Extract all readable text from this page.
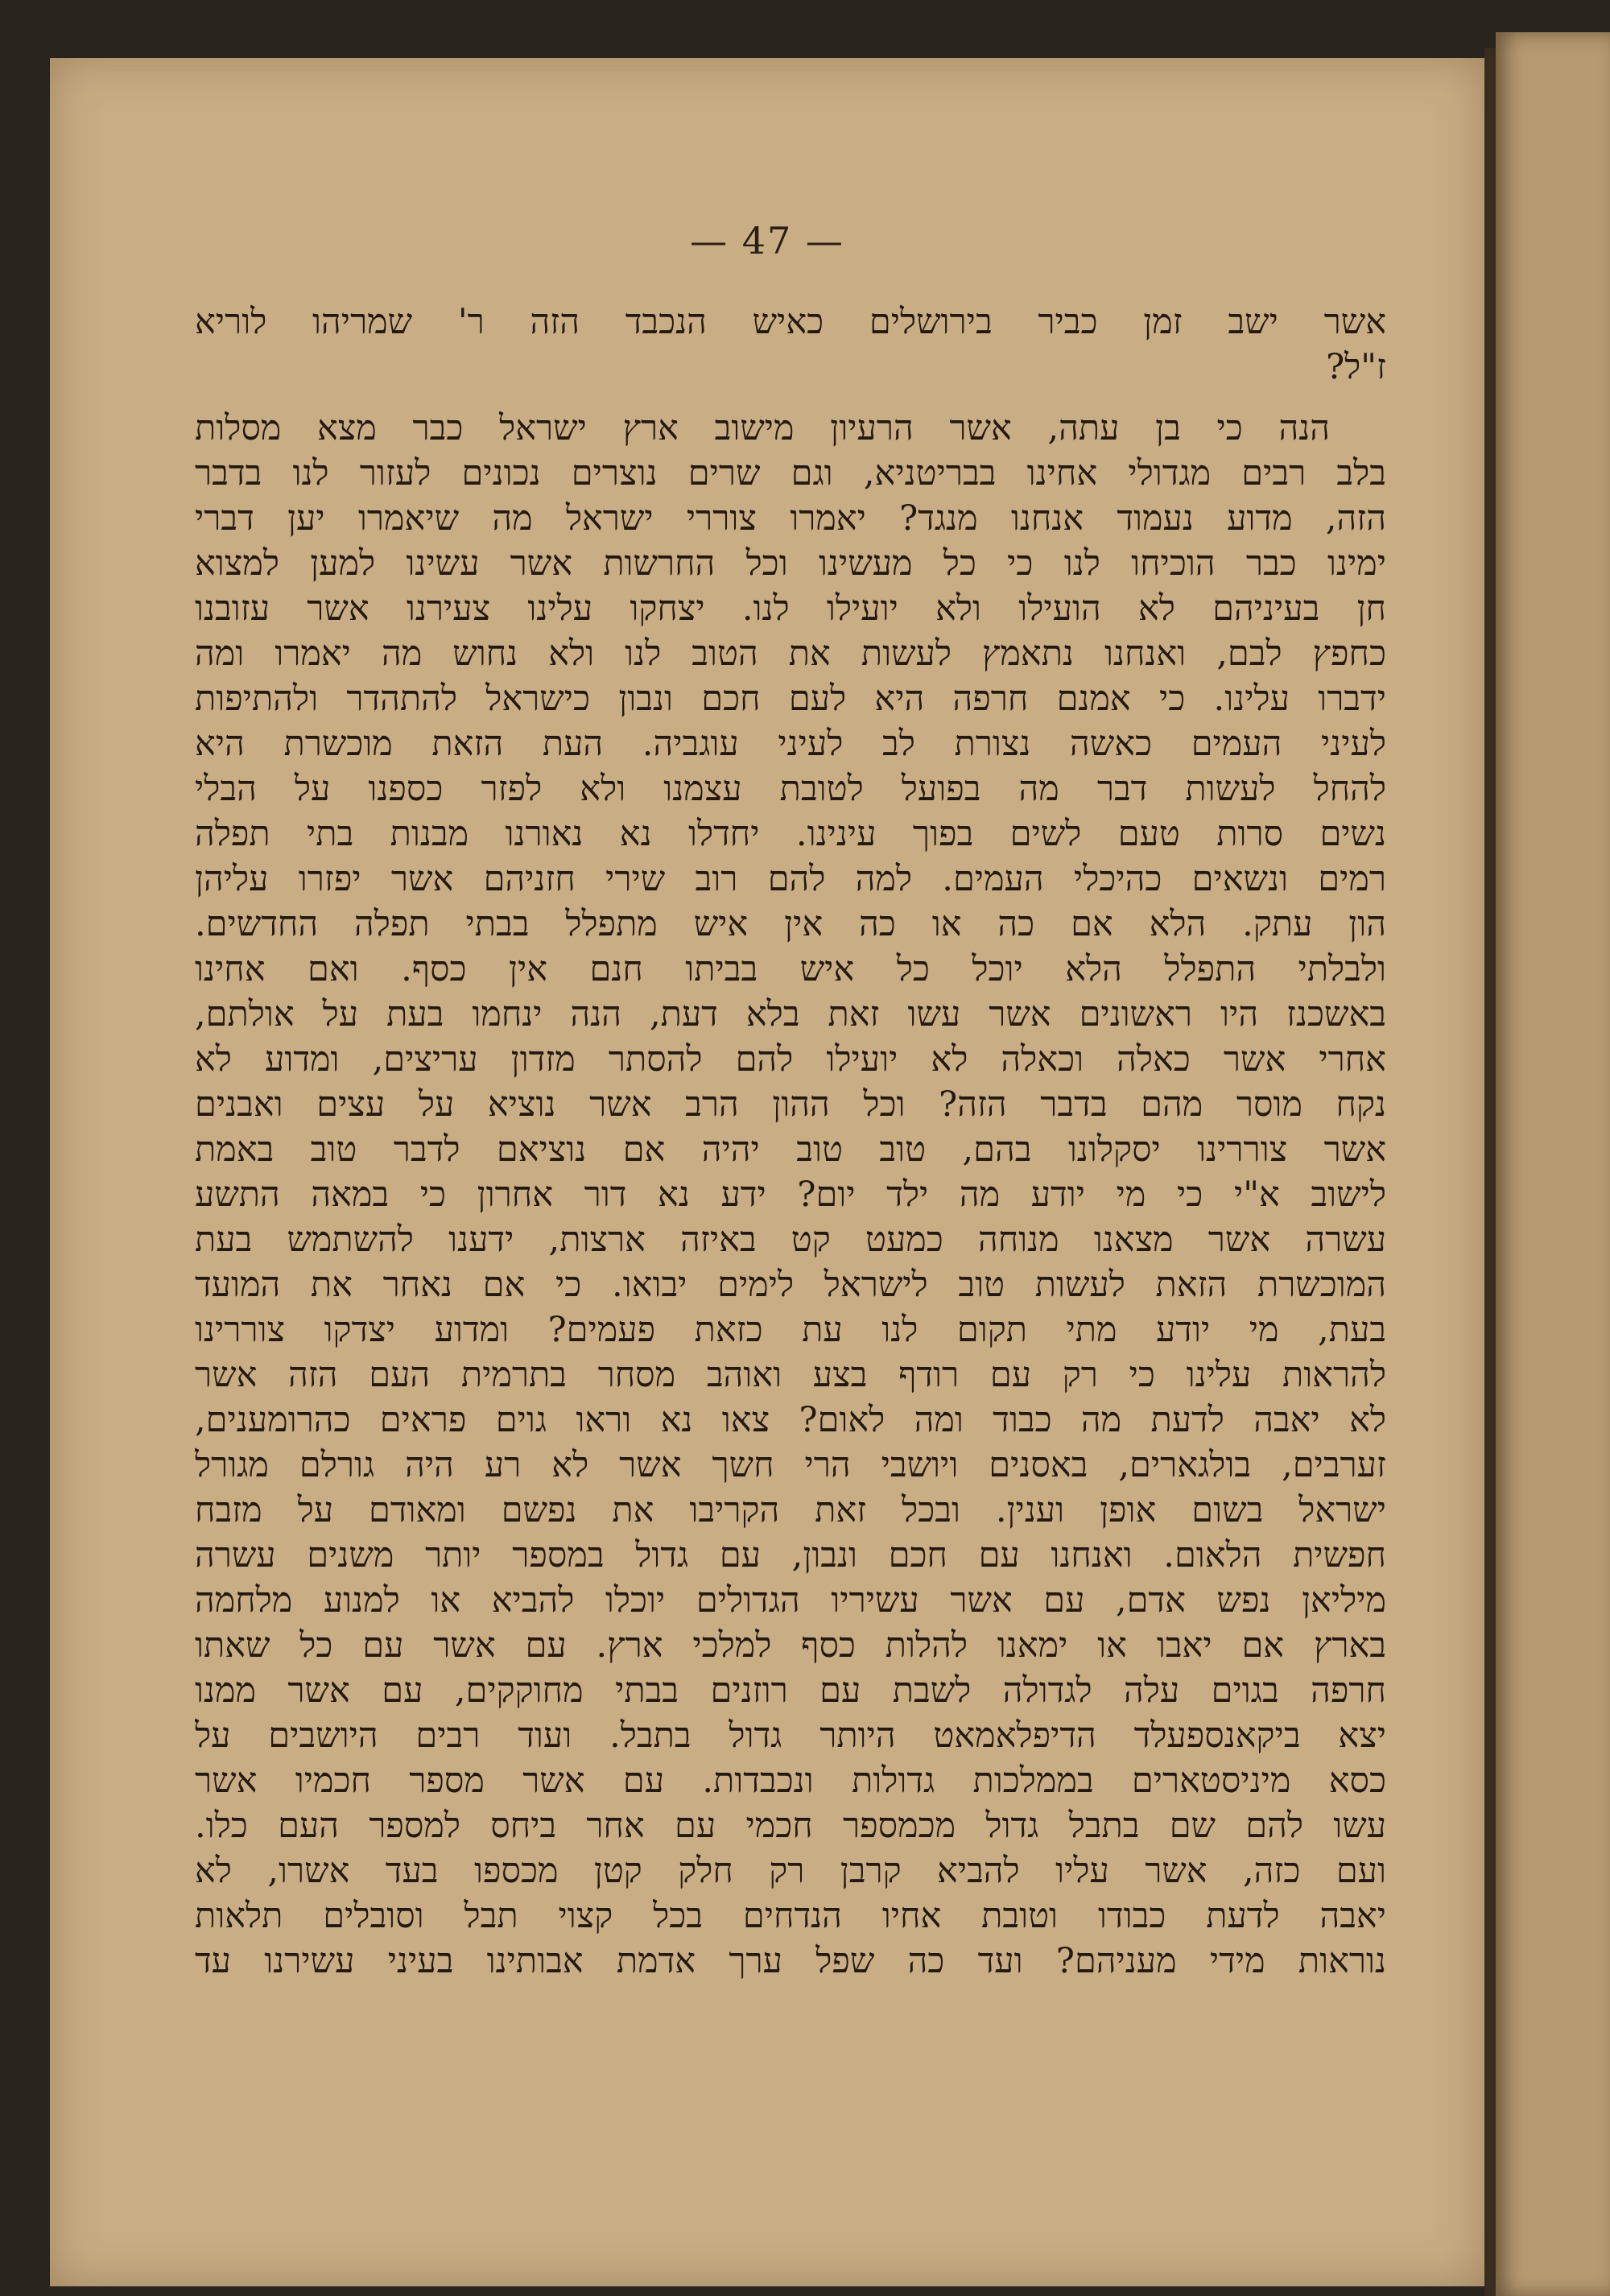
— 47 —
אשר ישב זמן כביר בירושלים כאיש הנכבד הזה ר' שמריהו לוריא
ז"ל?
הנה כי בן עתה, אשר הרעיון מישוב ארץ ישראל כבר מצא מסלות
בלב רבים מגדולי אחינו בבריטניא, וגם שרים נוצרים נכונים לעזור לנו בדבר
הזה, מדוע נעמוד אנחנו מנגד? יאמרו צוררי ישראל מה שיאמרו יען דברי
ימינו כבר הוכיחו לנו כי כל מעשינו וכל החרשות אשר עשינו למען למצוא
חן בעיניהם לא הועילו ולא יועילו לנו. יצחקו עלינו צעירנו אשר עזובנו
כחפץ לבם, ואנחנו נתאמץ לעשות את הטוב לנו ולא נחוש מה יאמרו ומה
ידברו עלינו. כי אמנם חרפה היא לעם חכם ונבון כישראל להתהדר ולהתיפות
לעיני העמים כאשה נצורת לב לעיני עוגביה. העת הזאת מוכשרת היא
להחל לעשות דבר מה בפועל לטובת עצמנו ולא לפזר כספנו על הבלי
נשים סרות טעם לשים בפוך עינינו. יחדלו נא נאורנו מבנות בתי תפלה
רמים ונשאים כהיכלי העמים. למה להם רוב שירי חזניהם אשר יפזרו עליהן
הון עתק. הלא אם כה או כה אין איש מתפלל בבתי תפלה החדשים.
ולבלתי התפלל הלא יוכל כל איש בביתו חנם אין כסף. ואם אחינו
באשכנז היו ראשונים אשר עשו זאת בלא דעת, הנה ינחמו בעת על אולתם,
אחרי אשר כאלה וכאלה לא יועילו להם להסתר מזדון עריצים, ומדוע לא
נקח מוסר מהם בדבר הזה? וכל ההון הרב אשר נוציא על עצים ואבנים
אשר צוררינו יסקלונו בהם, טוב טוב יהיה אם נוציאם לדבר טוב באמת
לישוב א"י כי מי יודע מה ילד יום? ידע נא דור אחרון כי במאה התשע
עשרה אשר מצאנו מנוחה כמעט קט באיזה ארצות, ידענו להשתמש בעת
המוכשרת הזאת לעשות טוב לישראל לימים יבואו. כי אם נאחר את המועד
בעת, מי יודע מתי תקום לנו עת כזאת פעמים? ומדוע יצדקו צוררינו
להראות עלינו כי רק עם רודף בצע ואוהב מסחר בתרמית העם הזה אשר
לא יאבה לדעת מה כבוד ומה לאום? צאו נא וראו גוים פראים כהרומענים,
זערבים, בולגארים, באסנים ויושבי הרי חשך אשר לא רע היה גורלם מגורל
ישראל בשום אופן וענין. ובכל זאת הקריבו את נפשם ומאודם על מזבח
חפשית הלאום. ואנחנו עם חכם ונבון, עם גדול במספר יותר משנים עשרה
מיליאן נפש אדם, עם אשר עשיריו הגדולים יוכלו להביא או למנוע מלחמה
בארץ אם יאבו או ימאנו להלות כסף למלכי ארץ. עם אשר עם כל שאתו
חרפה בגוים עלה לגדולה לשבת עם רוזנים בבתי מחוקקים, עם אשר ממנו
יצא ביקאנספעלד הדיפלאמאט היותר גדול בתבל. ועוד רבים היושבים על
כסא מיניסטארים בממלכות גדולות ונכבדות. עם אשר מספר חכמיו אשר
עשו להם שם בתבל גדול מכמספר חכמי עם אחר ביחס למספר העם כלו.
ועם כזה, אשר עליו להביא קרבן רק חלק קטן מכספו בעד אשרו, לא
יאבה לדעת כבודו וטובת אחיו הנדחים בכל קצוי תבל וסובלים תלאות
נוראות מידי מעניהם? ועד כה שפל ערך אדמת אבותינו בעיני עשירנו עד
